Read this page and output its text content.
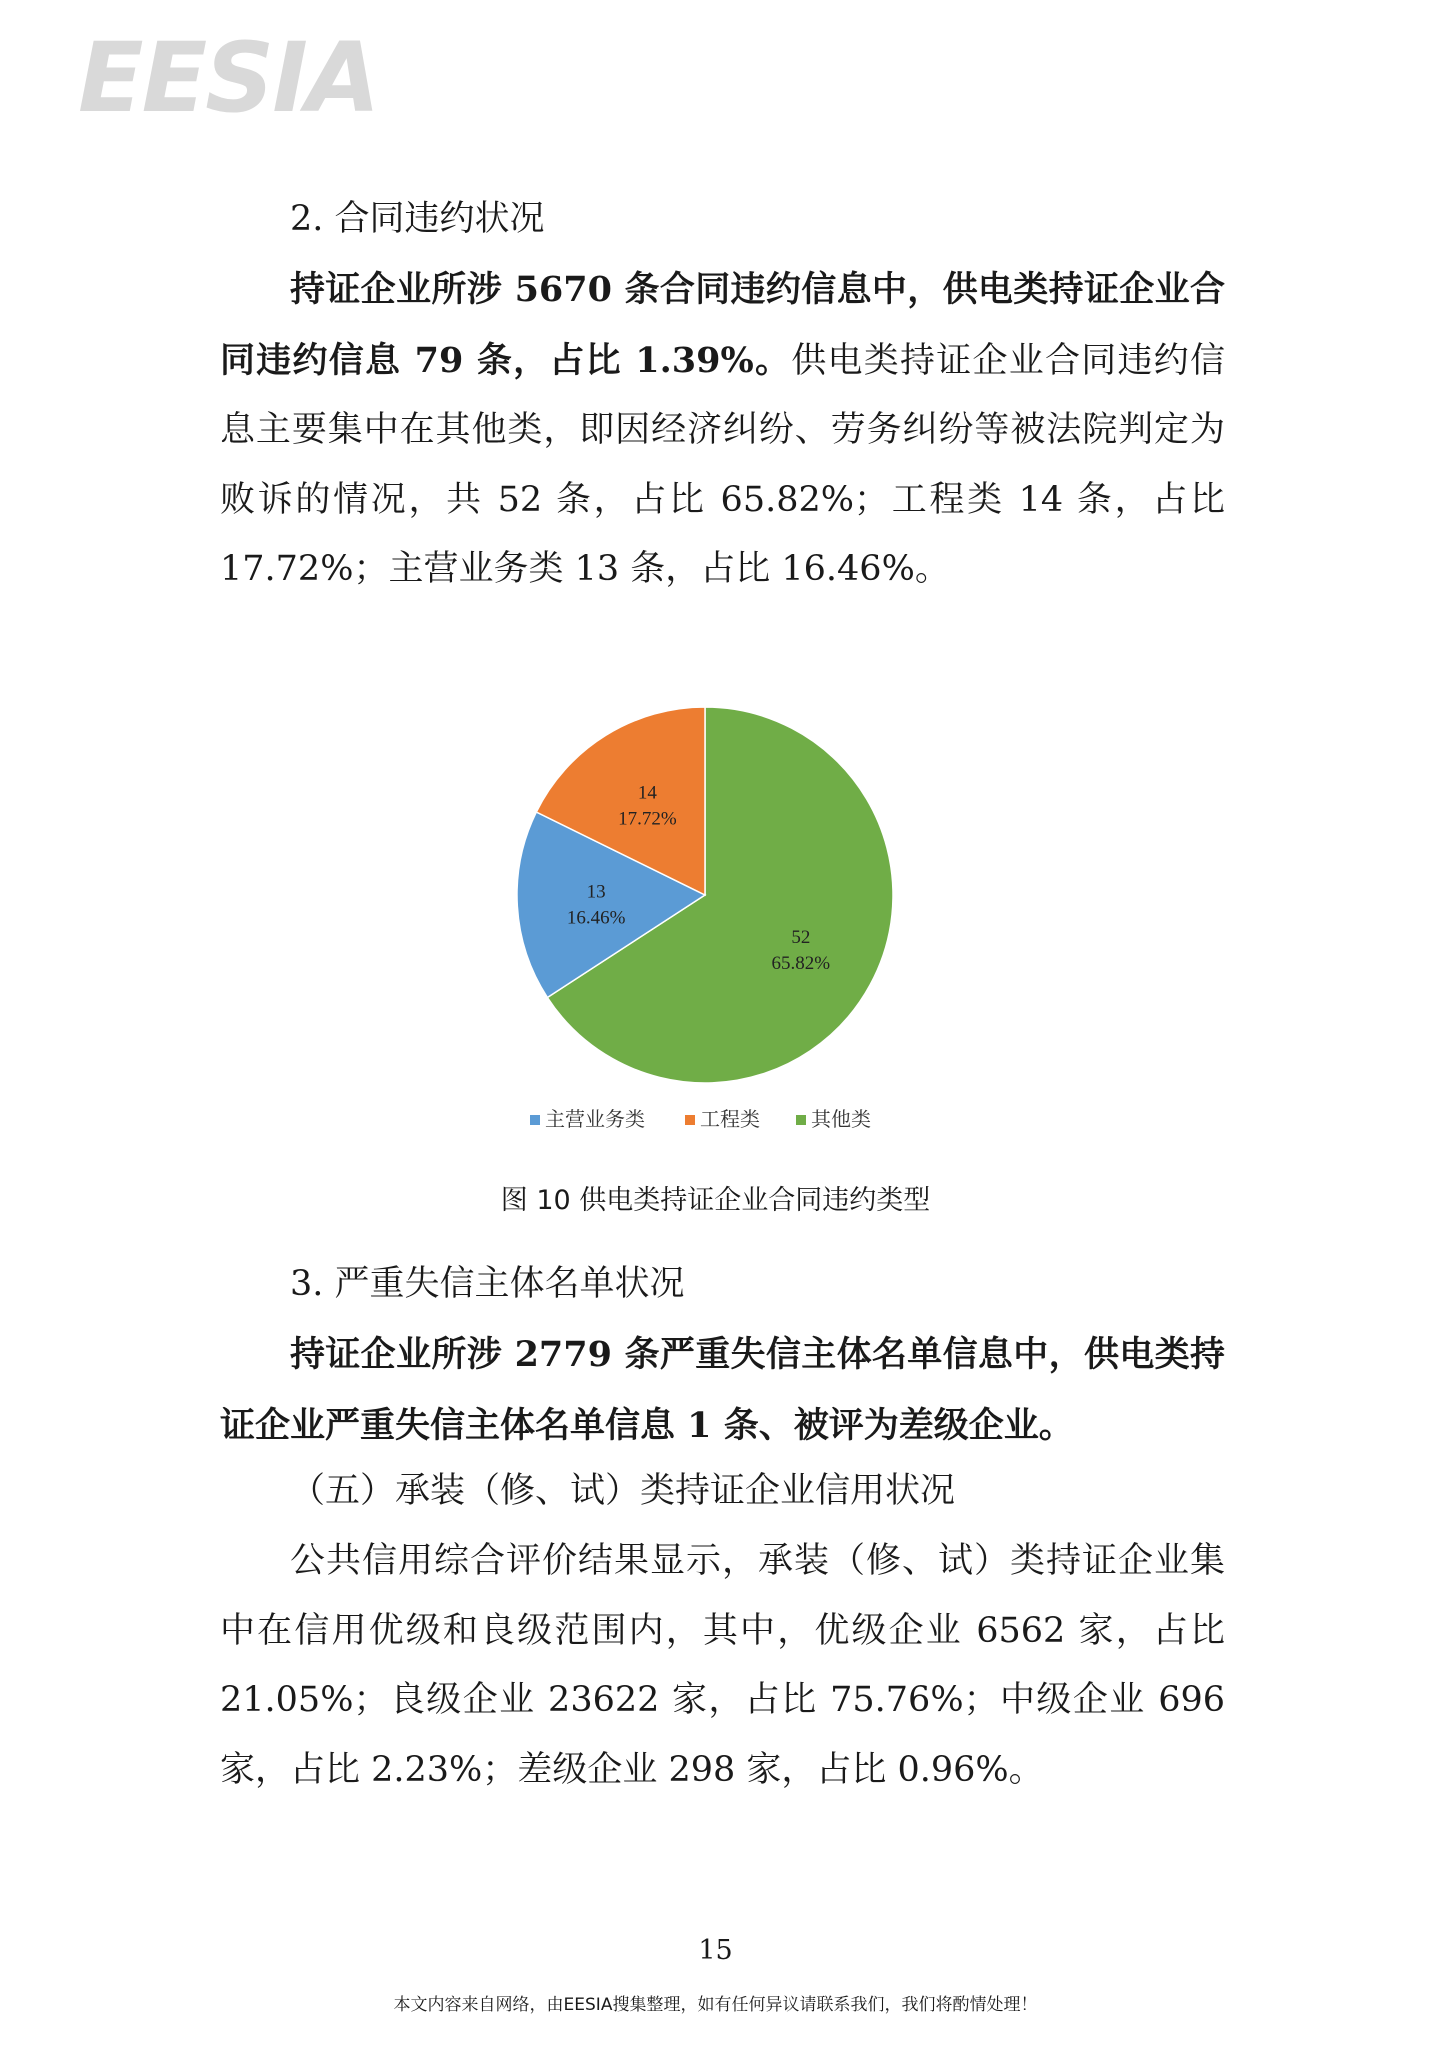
EESIA
2. 合同违约状况
持证企业所涉 5670 条合同违约信息中，供电类持证企业合同违约信息 79 条，占比 1.39%。供电类持证企业合同违约信息主要集中在其他类，即因经济纠纷、劳务纠纷等被法院判定为败诉的情况，共 52 条，占比 65.82%；工程类 14 条，占比 17.72%；主营业务类 13 条，占比 16.46%。
52
65.82%
13
16.46%
14
17.72%
主营业务类	工程类	其他类
图 10 供电类持证企业合同违约类型
3. 严重失信主体名单状况
持证企业所涉 2779 条严重失信主体名单信息中，供电类持证企业严重失信主体名单信息 1 条、被评为差级企业。
（五）承装（修、试）类持证企业信用状况
公共信用综合评价结果显示，承装（修、试）类持证企业集中在信用优级和良级范围内，其中，优级企业 6562 家，占比 21.05%；良级企业 23622 家，占比 75.76%；中级企业 696 家，占比 2.23%；差级企业 298 家，占比 0.96%。
15
本文内容来自网络，由EESIA搜集整理，如有任何异议请联系我们，我们将酌情处理！
